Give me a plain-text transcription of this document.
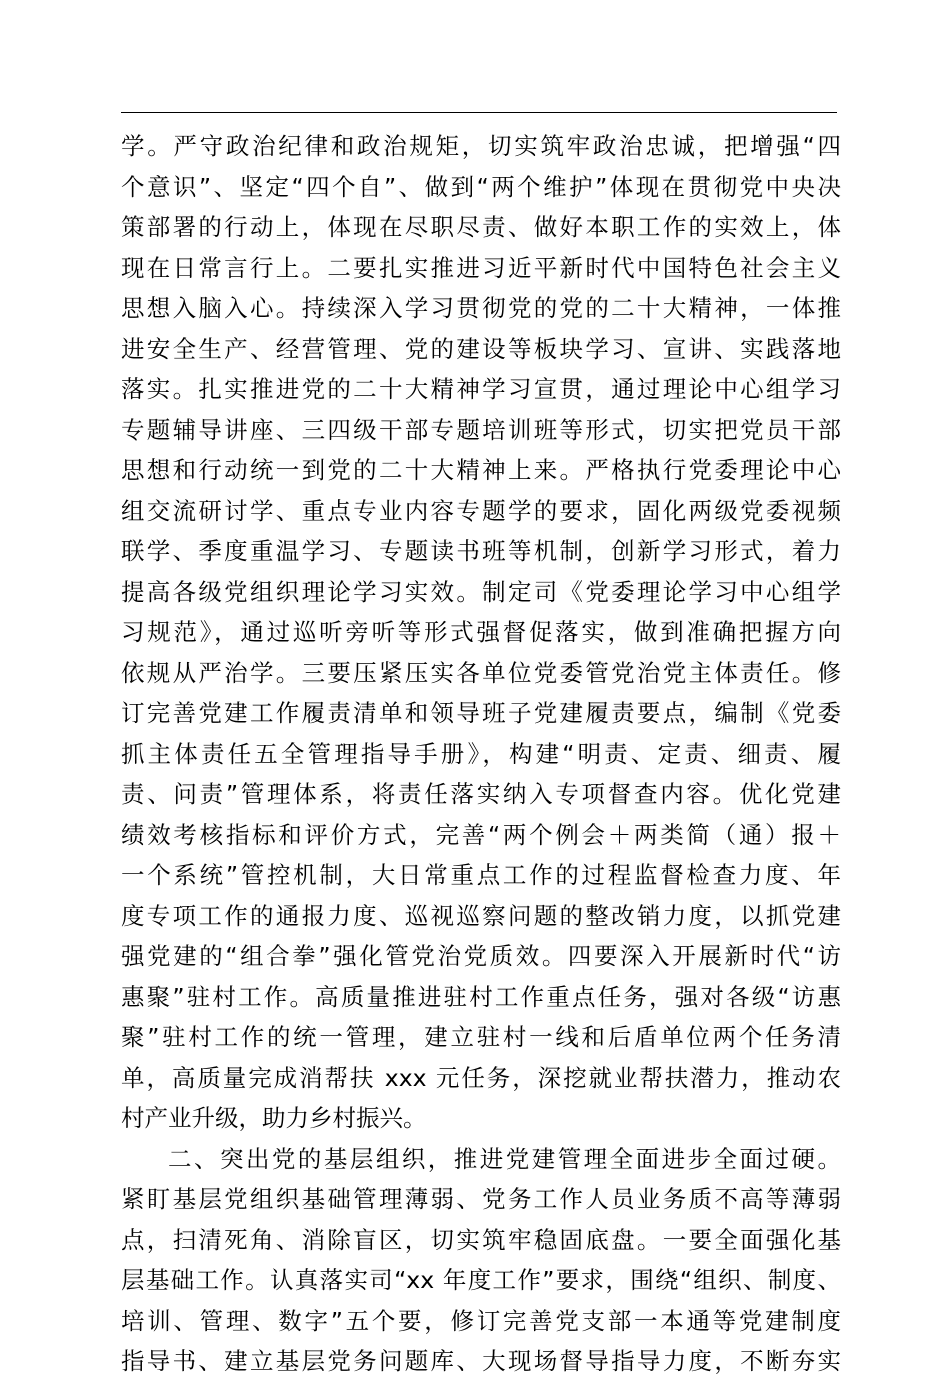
学。严守政治纪律和政治规矩，切实筑牢政治忠诚，把增强“四
个意识”、坚定“四个自”、做到“两个维护”体现在贯彻党中央决
策部署的行动上，体现在尽职尽责、做好本职工作的实效上，体
现在日常言行上。二要扎实推进习近平新时代中国特色社会主义
思想入脑入心。持续深入学习贯彻党的党的二十大精神，一体推
进安全生产、经营管理、党的建设等板块学习、宣讲、实践落地
落实。扎实推进党的二十大精神学习宣贯，通过理论中心组学习
专题辅导讲座、三四级干部专题培训班等形式，切实把党员干部
思想和行动统一到党的二十大精神上来。严格执行党委理论中心
组交流研讨学、重点专业内容专题学的要求，固化两级党委视频
联学、季度重温学习、专题读书班等机制，创新学习形式，着力
提高各级党组织理论学习实效。制定司《党委理论学习中心组学
习规范》，通过巡听旁听等形式强督促落实，做到准确把握方向
依规从严治学。三要压紧压实各单位党委管党治党主体责任。修
订完善党建工作履责清单和领导班子党建履责要点，编制《党委
抓主体责任五全管理指导手册》，构建“明责、定责、细责、履
责、问责”管理体系，将责任落实纳入专项督查内容。优化党建
绩效考核指标和评价方式，完善“两个例会＋两类简（通）报＋
一个系统”管控机制，大日常重点工作的过程监督检查力度、年
度专项工作的通报力度、巡视巡察问题的整改销力度，以抓党建
强党建的“组合拳”强化管党治党质效。四要深入开展新时代“访
惠聚”驻村工作。高质量推进驻村工作重点任务，强对各级“访惠
聚”驻村工作的统一管理，建立驻村一线和后盾单位两个任务清
单，高质量完成消帮扶 xxx 元任务，深挖就业帮扶潜力，推动农
村产业升级，助力乡村振兴。
二、突出党的基层组织，推进党建管理全面进步全面过硬。
紧盯基层党组织基础管理薄弱、党务工作人员业务质不高等薄弱
点，扫清死角、消除盲区，切实筑牢稳固底盘。一要全面强化基
层基础工作。认真落实司“xx 年度工作”要求，围绕“组织、制度、
培训、管理、数字”五个要，修订完善党支部一本通等党建制度
指导书、建立基层党务问题库、大现场督导指导力度，不断夯实
